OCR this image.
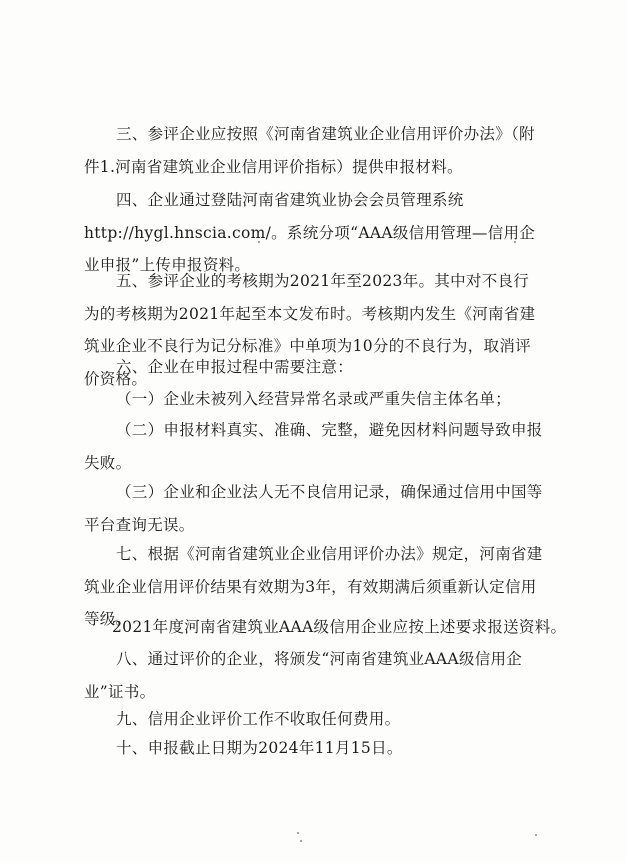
三、参评企业应按照《河南省建筑业企业信用评价办法》（附件1.河南省建筑业企业信用评价指标）提供申报材料。

四、企业通过登陆河南省建筑业协会会员管理系统http://hygl.hnscia.com/。系统分项“AAA级信用管理—信用企业申报”上传申报资料。

五、参评企业的考核期为2021年至2023年。其中对不良行为的考核期为2021年起至本文发布时。考核期内发生《河南省建筑业企业不良行为记分标准》中单项为10分的不良行为，取消评价资格。

六、企业在申报过程中需要注意：

（一）企业未被列入经营异常名录或严重失信主体名单；

（二）申报材料真实、准确、完整，避免因材料问题导致申报失败。

（三）企业和企业法人无不良信用记录，确保通过信用中国等平台查询无误。

七、根据《河南省建筑业企业信用评价办法》规定，河南省建筑业企业信用评价结果有效期为3年，有效期满后须重新认定信用等级。

2021年度河南省建筑业AAA级信用企业应按上述要求报送资料。

八、通过评价的企业，将颁发“河南省建筑业AAA级信用企业”证书。

九、信用企业评价工作不收取任何费用。

十、申报截止日期为2024年11月15日。
